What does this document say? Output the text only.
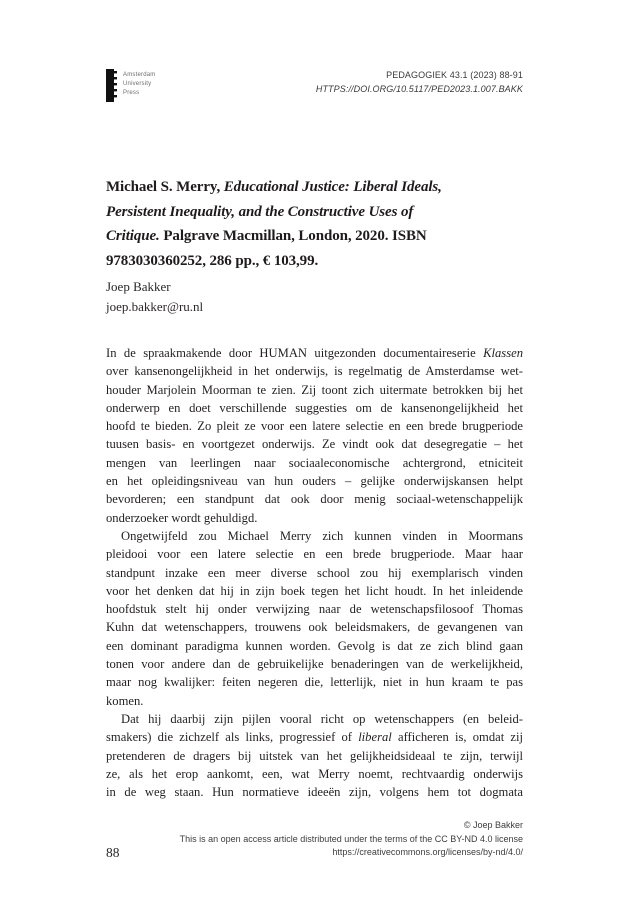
Amsterdam
University
Press
PEDAGOGIEK 43.1 (2023) 88-91
HTTPS://DOI.ORG/10.5117/PED2023.1.007.BAKK
Michael S. Merry, Educational Justice: Liberal Ideals,
Persistent Inequality, and the Constructive Uses of
Critique. Palgrave Macmillan, London, 2020. ISBN
9783030360252, 286 pp., € 103,99.
Joep Bakker
joep.bakker@ru.nl
In de spraakmakende door HUMAN uitgezonden documentaireserie Klassen
over kansenongelijkheid in het onderwijs, is regelmatig de Amsterdamse wet-
houder Marjolein Moorman te zien. Zij toont zich uitermate betrokken bij het
onderwerp en doet verschillende suggesties om de kansenongelijkheid het
hoofd te bieden. Zo pleit ze voor een latere selectie en een brede brugperiode
tuusen basis- en voortgezet onderwijs. Ze vindt ook dat desegregatie – het
mengen van leerlingen naar sociaaleconomische achtergrond, etniciteit
en het opleidingsniveau van hun ouders – gelijke onderwijskansen helpt
bevorderen; een standpunt dat ook door menig sociaal-wetenschappelijk
onderzoeker wordt gehuldigd.
Ongetwijfeld zou Michael Merry zich kunnen vinden in Moormans
pleidooi voor een latere selectie en een brede brugperiode. Maar haar
standpunt inzake een meer diverse school zou hij exemplarisch vinden
voor het denken dat hij in zijn boek tegen het licht houdt. In het inleidende
hoofdstuk stelt hij onder verwijzing naar de wetenschapsfilosoof Thomas
Kuhn dat wetenschappers, trouwens ook beleidsmakers, de gevangenen van
een dominant paradigma kunnen worden. Gevolg is dat ze zich blind gaan
tonen voor andere dan de gebruikelijke benaderingen van de werkelijkheid,
maar nog kwalijker: feiten negeren die, letterlijk, niet in hun kraam te pas
komen.
Dat hij daarbij zijn pijlen vooral richt op wetenschappers (en beleid-
smakers) die zichzelf als links, progressief of liberal afficheren is, omdat zij
pretenderen de dragers bij uitstek van het gelijkheidsideaal te zijn, terwijl
ze, als het erop aankomt, een, wat Merry noemt, rechtvaardig onderwijs
in de weg staan. Hun normatieve ideeën zijn, volgens hem tot dogmata
© Joep Bakker
This is an open access article distributed under the terms of the CC BY-ND 4.0 license
https://creativecommons.org/licenses/by-nd/4.0/
88
